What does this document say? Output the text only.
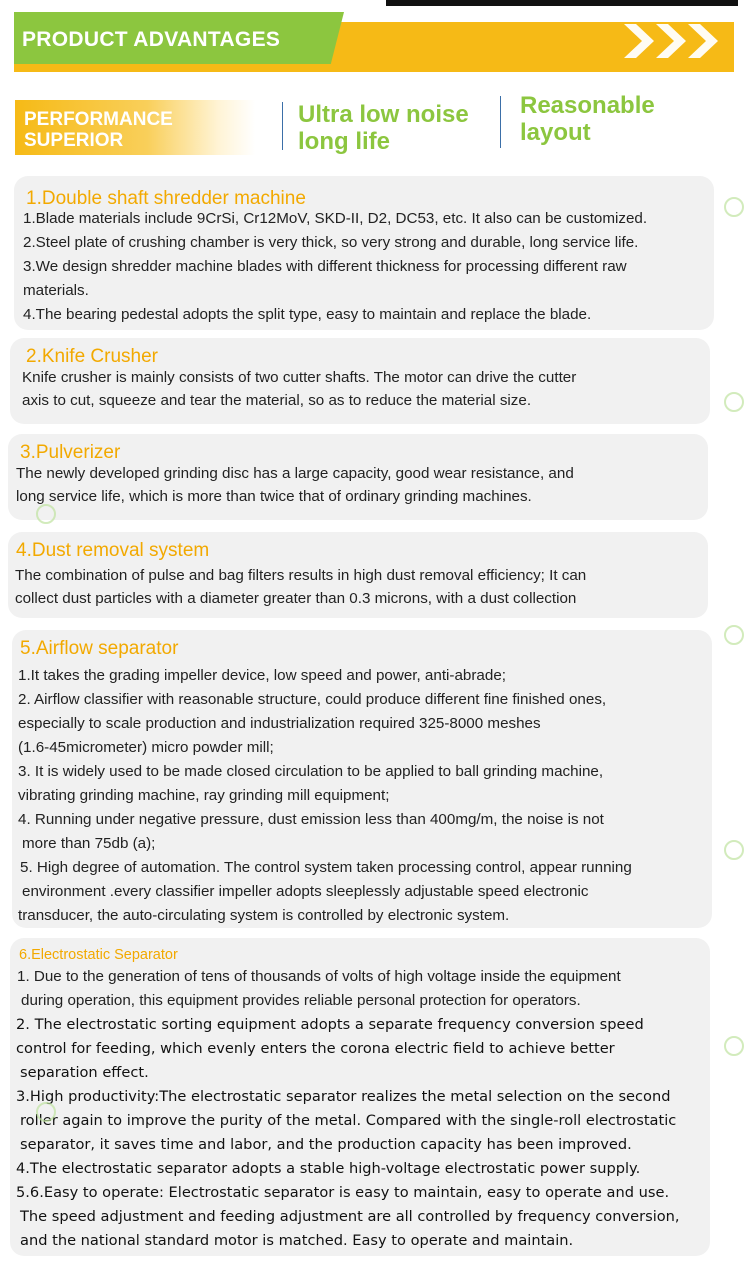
PRODUCT ADVANTAGES
PERFORMANCE
SUPERIOR
Ultra low noise
long life
Reasonable
layout
1.Double shaft shredder machine
1.Blade materials include 9CrSi, Cr12MoV, SKD-II, D2, DC53, etc. It also can be customized.
2.Steel plate of crushing chamber is very thick, so very strong and durable, long service life.
3.We design shredder machine blades with different thickness for processing different raw
materials.
4.The bearing pedestal adopts the split type, easy to maintain and replace the blade.
2.Knife Crusher
Knife crusher is mainly consists of two cutter shafts. The motor can drive the cutter
axis to cut, squeeze and tear the material, so as to reduce the material size.
3.Pulverizer
The newly developed grinding disc has a large capacity, good wear resistance, and
long service life, which is more than twice that of ordinary grinding machines.
4.Dust removal system
The combination of pulse and bag filters results in high dust removal efficiency; It can
collect dust particles with a diameter greater than 0.3 microns, with a dust collection
5.Airflow separator
1.It takes the grading impeller device, low speed and power, anti-abrade;
2. Airflow classifier with reasonable structure, could produce different fine finished ones,
especially to scale production and industrialization required 325-8000 meshes
(1.6-45micrometer) micro powder mill;
3. It is widely used to be made closed circulation to be applied to ball grinding machine,
vibrating grinding machine, ray grinding mill equipment;
4. Running under negative pressure, dust emission less than 400mg/m, the noise is not
more than 75db (a);
5. High degree of automation. The control system taken processing control, appear running
environment .every classifier impeller adopts sleeplessly adjustable speed electronic
transducer, the auto-circulating system is controlled by electronic system.
6.Electrostatic Separator
1. Due to the generation of tens of thousands of volts of high voltage inside the equipment
during operation, this equipment provides reliable personal protection for operators.
2. The electrostatic sorting equipment adopts a separate frequency conversion speed
control for feeding, which evenly enters the corona electric field to achieve better
separation effect.
3.High productivity:The electrostatic separator realizes the metal selection on the second
roller again to improve the purity of the metal. Compared with the single-roll electrostatic
separator, it saves time and labor, and the production capacity has been improved.
4.The electrostatic separator adopts a stable high-voltage electrostatic power supply.
5.6.Easy to operate: Electrostatic separator is easy to maintain, easy to operate and use.
The speed adjustment and feeding adjustment are all controlled by frequency conversion,
and the national standard motor is matched. Easy to operate and maintain.
